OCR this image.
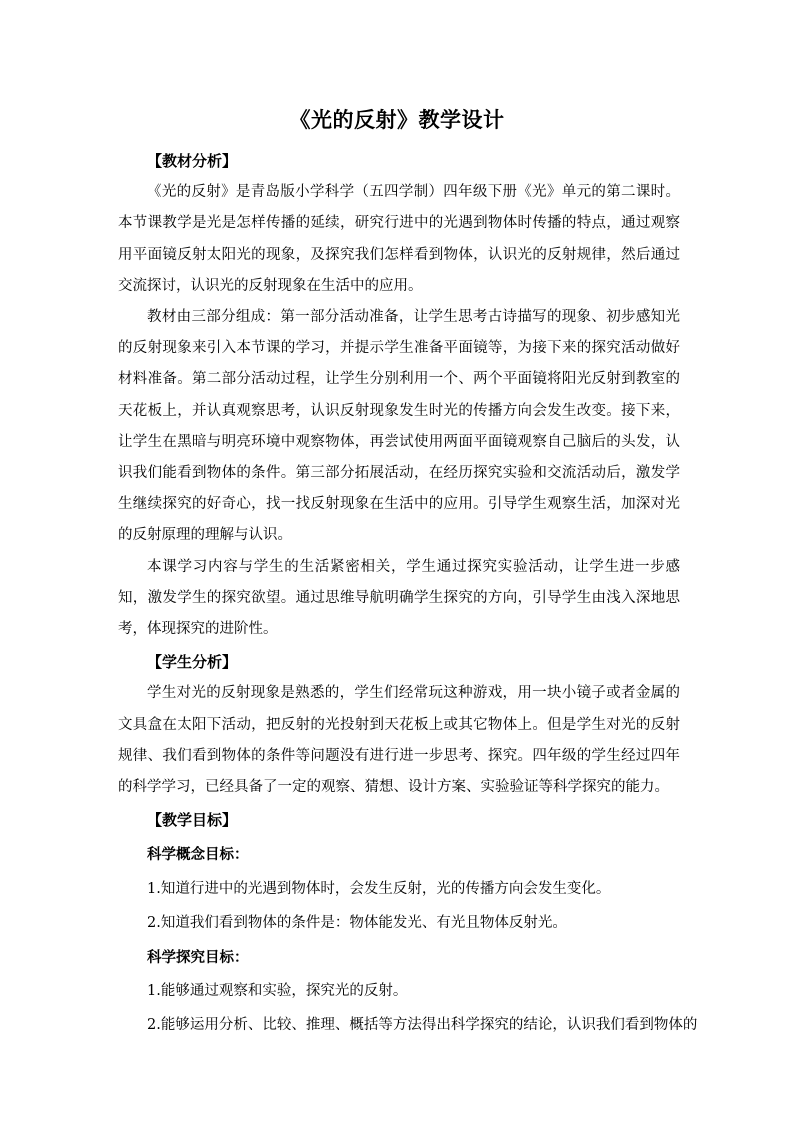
《光的反射》教学设计

【教材分析】

《光的反射》是青岛版小学科学（五四学制）四年级下册《光》单元的第二课时。本节课教学是光是怎样传播的延续，研究行进中的光遇到物体时传播的特点，通过观察用平面镜反射太阳光的现象，及探究我们怎样看到物体，认识光的反射规律，然后通过交流探讨，认识光的反射现象在生活中的应用。

教材由三部分组成：第一部分活动准备，让学生思考古诗描写的现象、初步感知光的反射现象来引入本节课的学习，并提示学生准备平面镜等，为接下来的探究活动做好材料准备。第二部分活动过程，让学生分别利用一个、两个平面镜将阳光反射到教室的天花板上，并认真观察思考，认识反射现象发生时光的传播方向会发生改变。接下来，让学生在黑暗与明亮环境中观察物体，再尝试使用两面平面镜观察自己脑后的头发，认识我们能看到物体的条件。第三部分拓展活动，在经历探究实验和交流活动后，激发学生继续探究的好奇心，找一找反射现象在生活中的应用。引导学生观察生活，加深对光的反射原理的理解与认识。

本课学习内容与学生的生活紧密相关，学生通过探究实验活动，让学生进一步感知，激发学生的探究欲望。通过思维导航明确学生探究的方向，引导学生由浅入深地思考，体现探究的进阶性。

【学生分析】

学生对光的反射现象是熟悉的，学生们经常玩这种游戏，用一块小镜子或者金属的文具盒在太阳下活动，把反射的光投射到天花板上或其它物体上。但是学生对光的反射规律、我们看到物体的条件等问题没有进行进一步思考、探究。四年级的学生经过四年的科学学习，已经具备了一定的观察、猜想、设计方案、实验验证等科学探究的能力。

【教学目标】

科学概念目标：

1.知道行进中的光遇到物体时，会发生反射，光的传播方向会发生变化。

2.知道我们看到物体的条件是：物体能发光、有光且物体反射光。

科学探究目标：

1.能够通过观察和实验，探究光的反射。

2.能够运用分析、比较、推理、概括等方法得出科学探究的结论，认识我们看到物体的
